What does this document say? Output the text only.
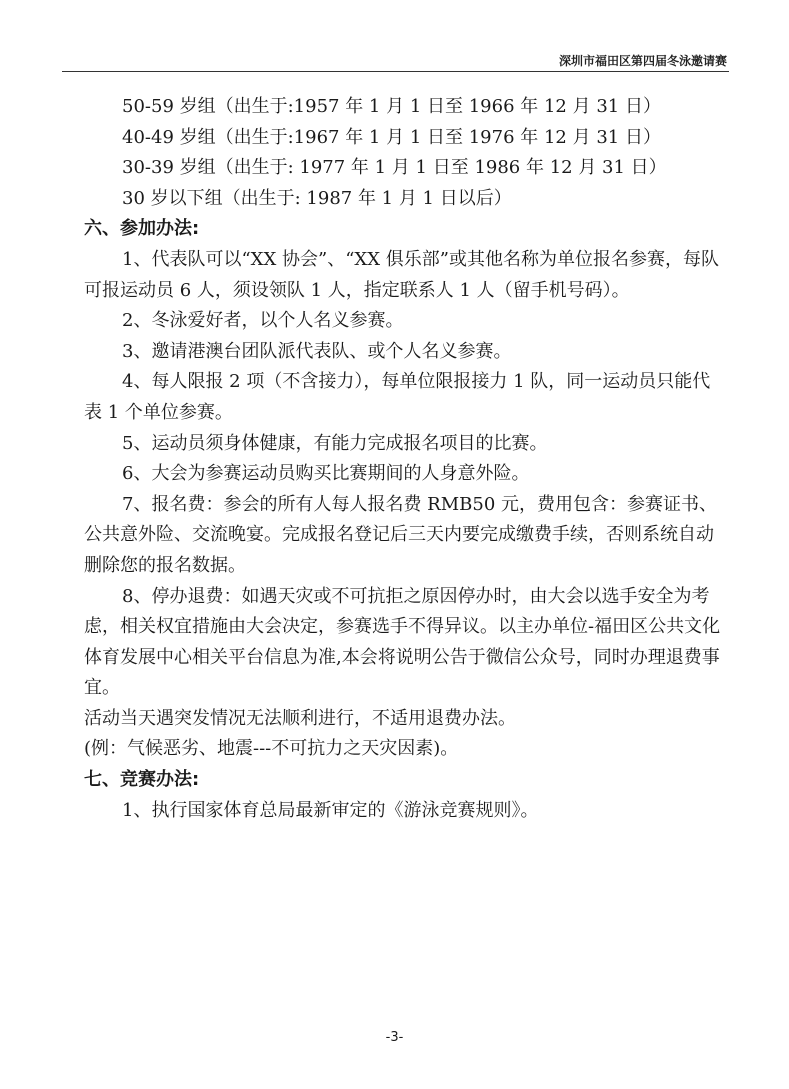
深圳市福田区第四届冬泳邀请赛
50-59 岁组（出生于:1957 年 1 月 1 日至 1966 年 12 月 31 日）
40-49 岁组（出生于:1967 年 1 月 1 日至 1976 年 12 月 31 日）
30-39 岁组（出生于: 1977 年 1 月 1 日至 1986 年 12 月 31 日）
30 岁以下组（出生于: 1987 年 1 月 1 日以后）
六、参加办法:
1、代表队可以“XX 协会”、“XX 俱乐部”或其他名称为单位报名参赛，每队可报运动员 6 人，须设领队 1 人，指定联系人 1 人（留手机号码）。
2、冬泳爱好者，以个人名义参赛。
3、邀请港澳台团队派代表队、或个人名义参赛。
4、每人限报 2 项（不含接力），每单位限报接力 1 队，同一运动员只能代表 1 个单位参赛。
5、运动员须身体健康，有能力完成报名项目的比赛。
6、大会为参赛运动员购买比赛期间的人身意外险。
7、报名费：参会的所有人每人报名费 RMB50 元，费用包含：参赛证书、公共意外险、交流晚宴。完成报名登记后三天内要完成缴费手续，否则系统自动删除您的报名数据。
8、停办退费：如遇天灾或不可抗拒之原因停办时，由大会以选手安全为考虑，相关权宜措施由大会决定，参赛选手不得异议。以主办单位-福田区公共文化体育发展中心相关平台信息为准,本会将说明公告于微信公众号，同时办理退费事宜。
活动当天遇突发情况无法顺利进行，不适用退费办法。
(例：气候恶劣、地震---不可抗力之天灾因素)。
七、竞赛办法:
1、执行国家体育总局最新审定的《游泳竞赛规则》。
-3-
